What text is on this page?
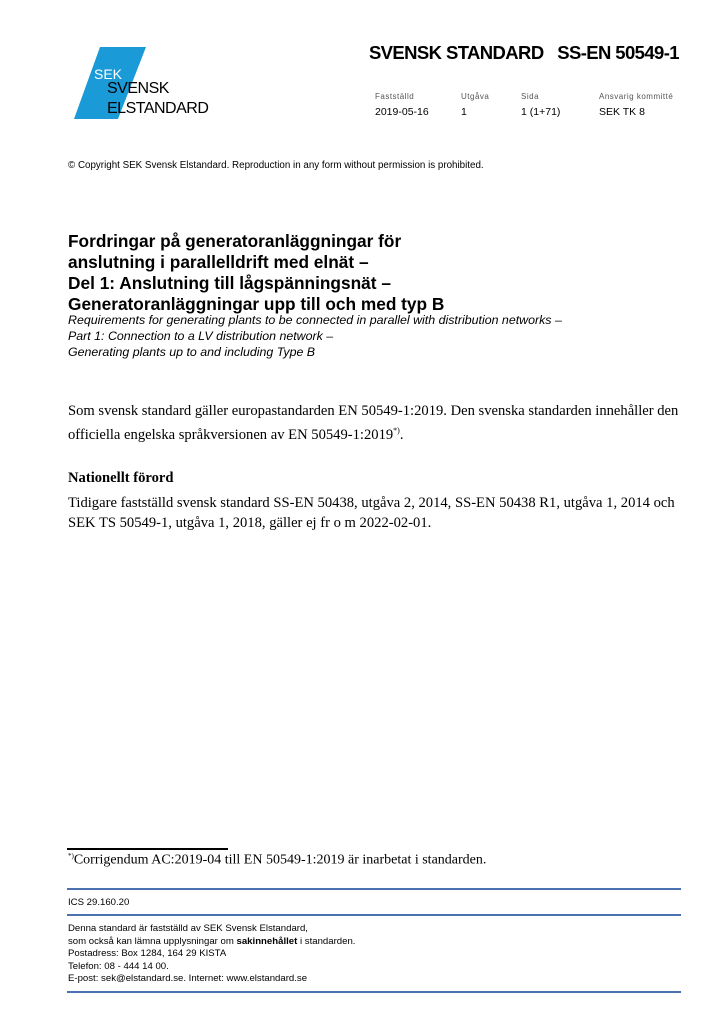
SEK
SVENSK
ELSTANDARD
SVENSK STANDARD SS-EN 50549-1
Fastställd
2019-05-16
Utgåva
1
Sida
1 (1+71)
Ansvarig kommitté
SEK TK 8
© Copyright SEK Svensk Elstandard. Reproduction in any form without permission is prohibited.
Fordringar på generatoranläggningar för
anslutning i parallelldrift med elnät –
Del 1: Anslutning till lågspänningsnät –
Generatoranläggningar upp till och med typ B
Requirements for generating plants to be connected in parallel with distribution networks –
Part 1: Connection to a LV distribution network –
Generating plants up to and including Type B
Som svensk standard gäller europastandarden EN 50549-1:2019. Den svenska standarden innehåller den officiella engelska språkversionen av EN 50549-1:2019*).
Nationellt förord
Tidigare fastställd svensk standard SS-EN 50438, utgåva 2, 2014, SS-EN 50438 R1, utgåva 1, 2014 och SEK TS 50549-1, utgåva 1, 2018, gäller ej fr o m 2022-02-01.
*)Corrigendum AC:2019-04 till EN 50549-1:2019 är inarbetat i standarden.
ICS 29.160.20
Denna standard är fastställd av SEK Svensk Elstandard,
som också kan lämna upplysningar om sakinnehållet i standarden.
Postadress: Box 1284, 164 29 KISTA
Telefon: 08 - 444 14 00.
E-post: sek@elstandard.se. Internet: www.elstandard.se
